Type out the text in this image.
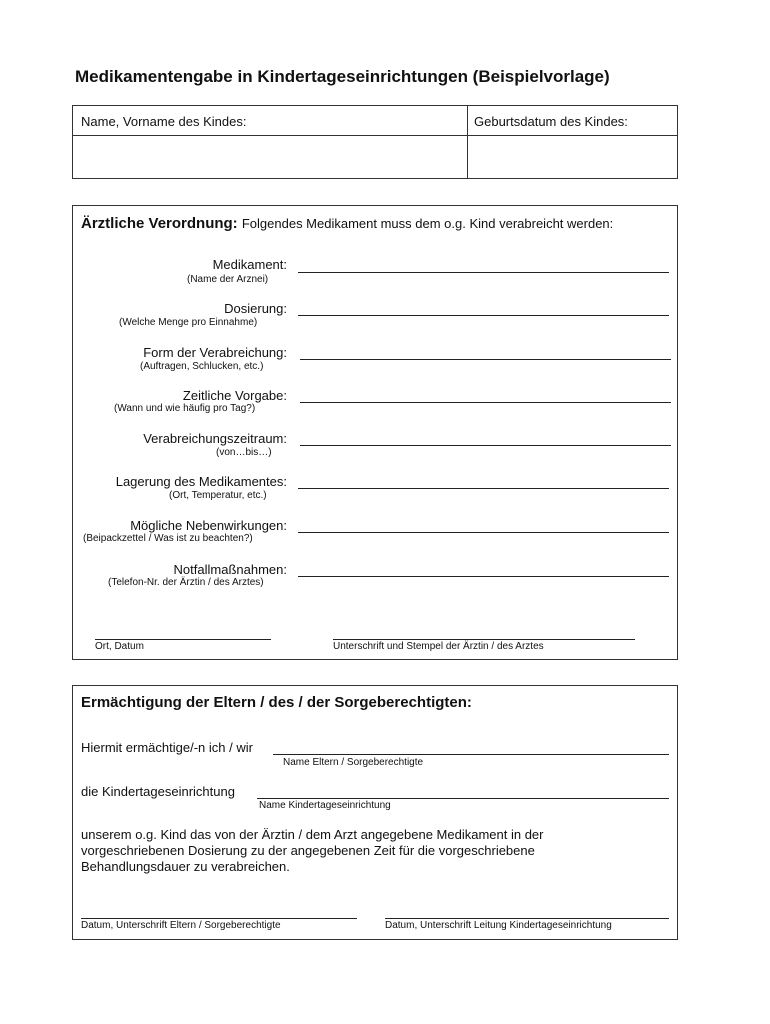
Medikamentengabe in Kindertageseinrichtungen (Beispielvorlage)
Name, Vorname des Kindes:	Geburtsdatum des Kindes:
Ärztliche Verordnung: Folgendes Medikament muss dem o.g. Kind verabreicht werden:
Medikament:
(Name der Arznei)
Dosierung:
(Welche Menge pro Einnahme)
Form der Verabreichung:
(Auftragen, Schlucken, etc.)
Zeitliche Vorgabe:
(Wann und wie häufig pro Tag?)
Verabreichungszeitraum:
(von…bis…)
Lagerung des Medikamentes:
(Ort, Temperatur, etc.)
Mögliche Nebenwirkungen:
(Beipackzettel / Was ist zu beachten?)
Notfallmaßnahmen:
(Telefon-Nr. der Ärztin / des Arztes)
Ort, Datum	Unterschrift und Stempel der Ärztin / des Arztes
Ermächtigung der Eltern / des / der Sorgeberechtigten:
Hiermit ermächtige/-n ich / wir
Name Eltern / Sorgeberechtigte
die Kindertageseinrichtung
Name Kindertageseinrichtung
unserem o.g. Kind das von der Ärztin / dem Arzt angegebene Medikament in der
vorgeschriebenen Dosierung zu der angegebenen Zeit für die vorgeschriebene
Behandlungsdauer zu verabreichen.
Datum, Unterschrift Eltern / Sorgeberechtigte	Datum, Unterschrift Leitung Kindertageseinrichtung
